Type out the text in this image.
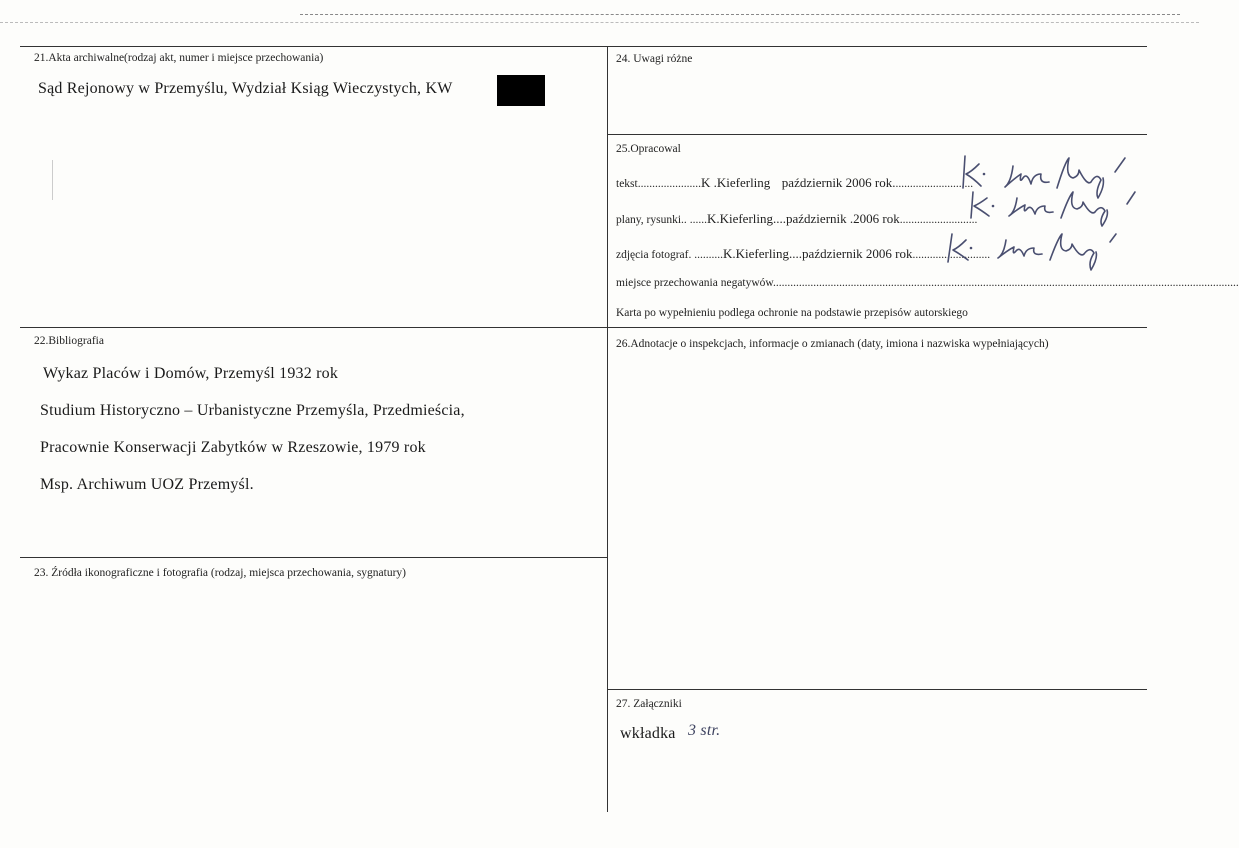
21.Akta archiwalne(rodzaj akt, numer i miejsce przechowania)
Sąd Rejonowy w Przemyślu, Wydział Ksiąg Wieczystych, KW
22.Bibliografia
Wykaz Placów i Domów, Przemyśl 1932 rok
Studium Historyczno – Urbanistyczne Przemyśla, Przedmieścia,
Pracownie Konserwacji Zabytków w Rzeszowie, 1979 rok
Msp. Archiwum UOZ Przemyśl.
23. Źródła ikonograficzne i fotografia (rodzaj, miejsca przechowania, sygnatury)
24. Uwagi różne
25.Opracowal
tekst......................K .Kieferling październik 2006 rok............................
plany, rysunki.. ......K.Kieferling....październik .2006 rok...........................
zdjęcia fotograf. ..........K.Kieferling....październik 2006 rok...........................
miejsce przechowania negatywów..................................................................................................................................................................
Karta po wypełnieniu podlega ochronie na podstawie przepisów autorskiego
26.Adnotacje o inspekcjach, informacje o zmianach (daty, imiona i nazwiska wypełniających)
27. Załączniki
wkładka 3 str.
